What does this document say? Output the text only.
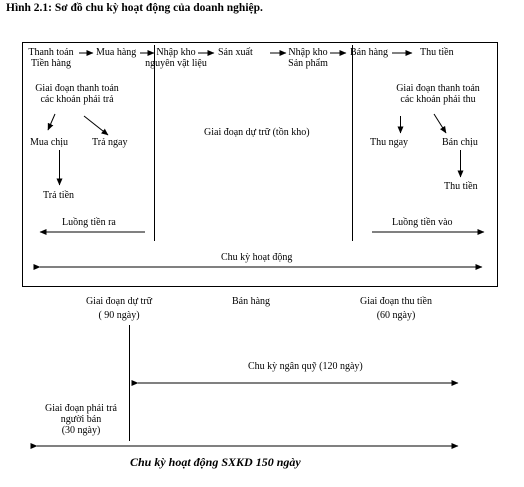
Hình 2.1: Sơ đồ chu kỳ hoạt động của doanh nghiệp.
Thanh toán
Tiền hàng
Mua hàng	Nhập kho
nguyên vật liệu
Sản xuất	Nhập kho
Sản phẩm
Bán hàng	Thu tiền
Giai đoạn thanh toán
các khoản phải trả
Mua chịu Trả ngay
Trả tiền
Luồng tiền ra
Giai đoạn dự trữ (tồn kho)
Giai đoạn thanh toán
các khoản phải thu
Thu ngay	Bán chịu
Thu tiền
Luồng tiền vào
Chu kỳ hoạt động
Giai đoạn dự trữ
( 90 ngày)
Bán hàng	Giai đoạn thu tiền
(60 ngày)
Chu kỳ ngân quỹ (120 ngày)
Giai đoạn phải trả
người bán
(30 ngày)
Chu kỳ hoạt động SXKD 150 ngày
